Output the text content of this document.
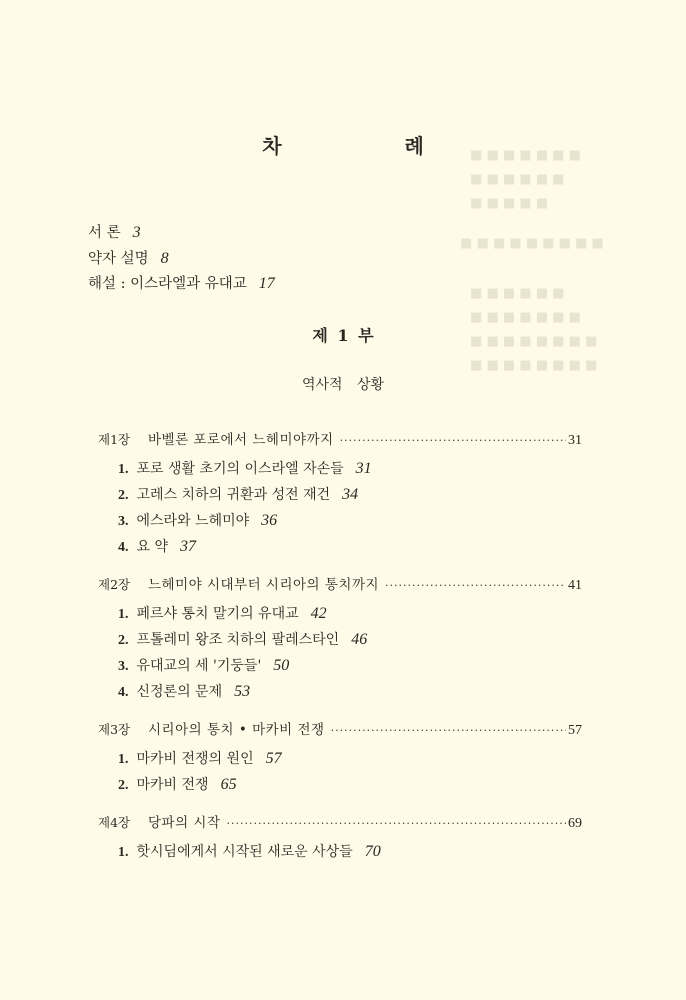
■ ■ ■ ■ ■ ■ ■
■ ■ ■ ■ ■ ■
■ ■ ■ ■ ■
■ ■ ■ ■ ■ ■ ■ ■ ■
■ ■ ■ ■ ■ ■
■ ■ ■ ■ ■ ■ ■
■ ■ ■ ■ ■ ■ ■ ■
■ ■ ■ ■ ■ ■ ■ ■
차 례
서 론 3
약자 설명 8
해설 : 이스라엘과 유대교 17
제 1 부
역사적 상황
제1장	바벨론 포로에서 느헤미야까지 ·····	31
1. 포로 생활 초기의 이스라엘 자손들 31
2. 고레스 치하의 귀환과 성전 재건 34
3. 에스라와 느헤미야 36
4. 요 약 37
제2장	느헤미야 시대부터 시리아의 통치까지 ·····	41
1. 페르샤 통치 말기의 유대교 42
2. 프톨레미 왕조 치하의 팔레스타인 46
3. 유대교의 세 '기둥들' 50
4. 신정론의 문제 53
제3장	시리아의 통치 • 마카비 전쟁 ·····	57
1. 마카비 전쟁의 원인 57
2. 마카비 전쟁 65
제4장	당파의 시작 ·····	69
1. 핫시딤에게서 시작된 새로운 사상들 70
